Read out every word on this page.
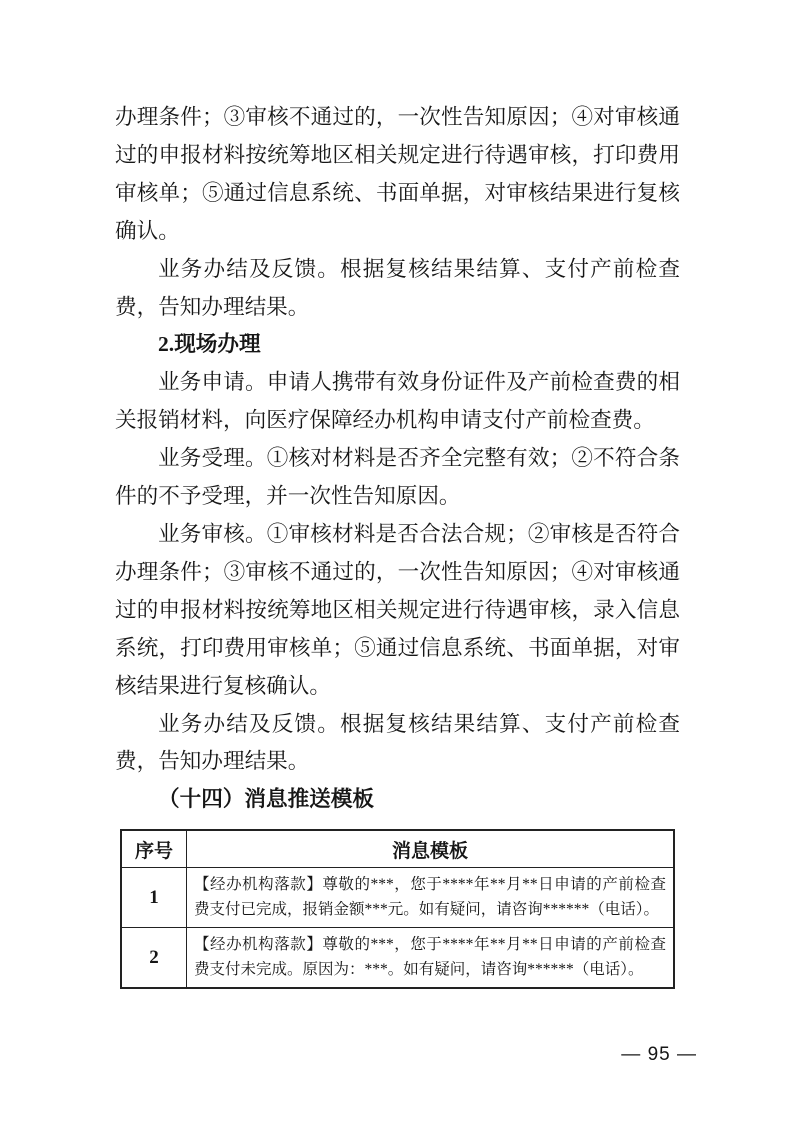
办理条件；③审核不通过的，一次性告知原因；④对审核通过的申报材料按统筹地区相关规定进行待遇审核，打印费用审核单；⑤通过信息系统、书面单据，对审核结果进行复核确认。

业务办结及反馈。根据复核结果结算、支付产前检查费，告知办理结果。

2.现场办理

业务申请。申请人携带有效身份证件及产前检查费的相关报销材料，向医疗保障经办机构申请支付产前检查费。

业务受理。①核对材料是否齐全完整有效；②不符合条件的不予受理，并一次性告知原因。

业务审核。①审核材料是否合法合规；②审核是否符合办理条件；③审核不通过的，一次性告知原因；④对审核通过的申报材料按统筹地区相关规定进行待遇审核，录入信息系统，打印费用审核单；⑤通过信息系统、书面单据，对审核结果进行复核确认。

业务办结及反馈。根据复核结果结算、支付产前检查费，告知办理结果。

（十四）消息推送模板

序号	消息模板
1	【经办机构落款】尊敬的***，您于****年**月**日申请的产前检查费支付已完成，报销金额***元。如有疑问，请咨询******（电话）。
2	【经办机构落款】尊敬的***，您于****年**月**日申请的产前检查费支付未完成。原因为：***。如有疑问，请咨询******（电话）。
— 95 —
